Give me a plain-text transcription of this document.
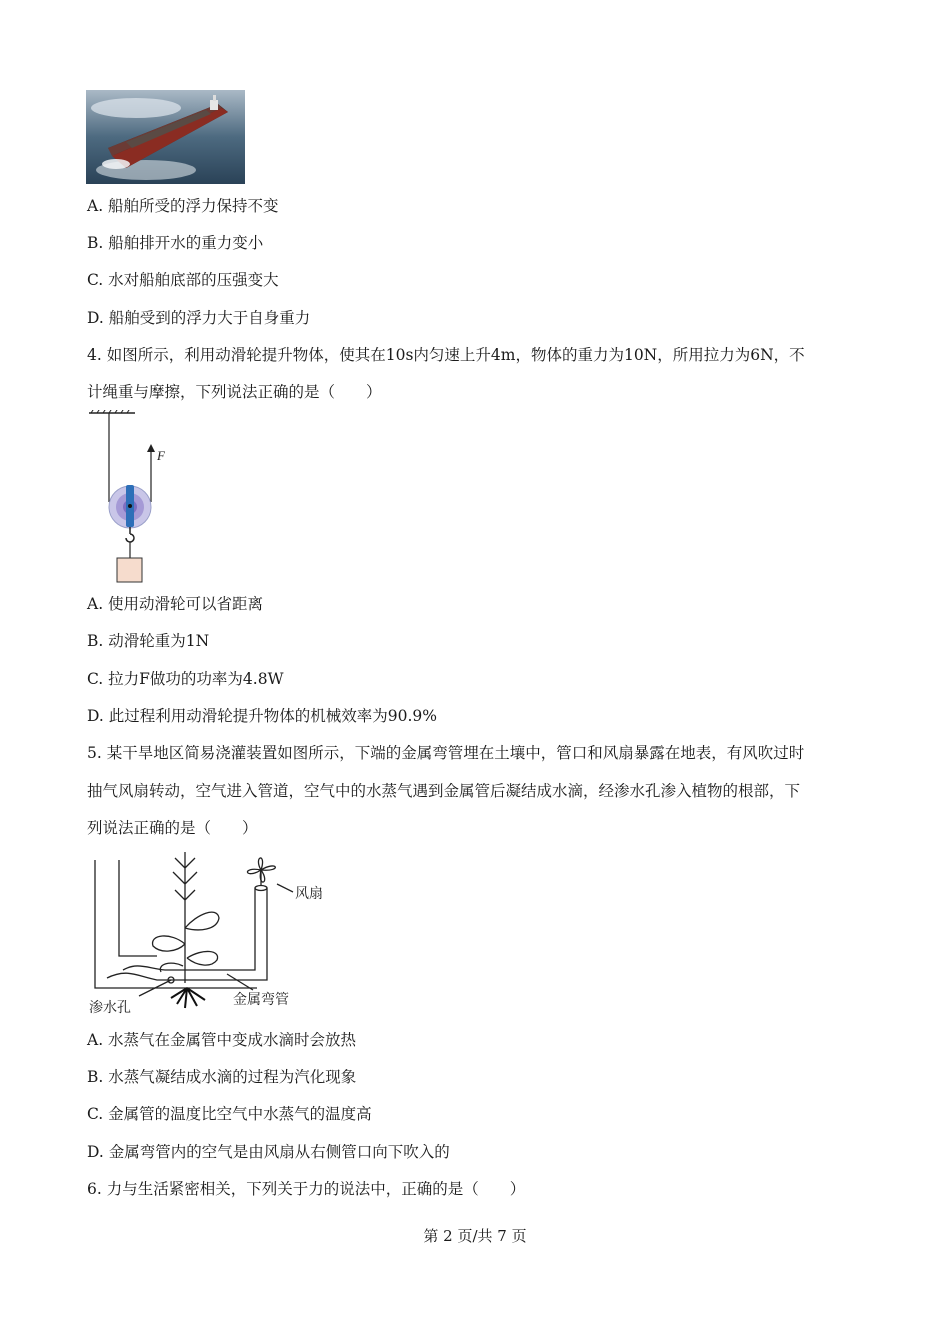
A. 船舶所受的浮力保持不变
B. 船舶排开水的重力变小
C. 水对船舶底部的压强变大
D. 船舶受到的浮力大于自身重力
4. 如图所示，利用动滑轮提升物体，使其在10s内匀速上升4m，物体的重力为10N，所用拉力为6N，不
计绳重与摩擦，下列说法正确的是（　　）
F
A. 使用动滑轮可以省距离
B. 动滑轮重为1N
C. 拉力F做功的功率为4.8W
D. 此过程利用动滑轮提升物体的机械效率为90.9%
5. 某干旱地区简易浇灌装置如图所示，下端的金属弯管埋在土壤中，管口和风扇暴露在地表，有风吹过时
抽气风扇转动，空气进入管道，空气中的水蒸气遇到金属管后凝结成水滴，经渗水孔渗入植物的根部，下
列说法正确的是（　　）
风扇
金属弯管
渗水孔
A. 水蒸气在金属管中变成水滴时会放热
B. 水蒸气凝结成水滴的过程为汽化现象
C. 金属管的温度比空气中水蒸气的温度高
D. 金属弯管内的空气是由风扇从右侧管口向下吹入的
6. 力与生活紧密相关，下列关于力的说法中，正确的是（　　）
第 2 页/共 7 页
